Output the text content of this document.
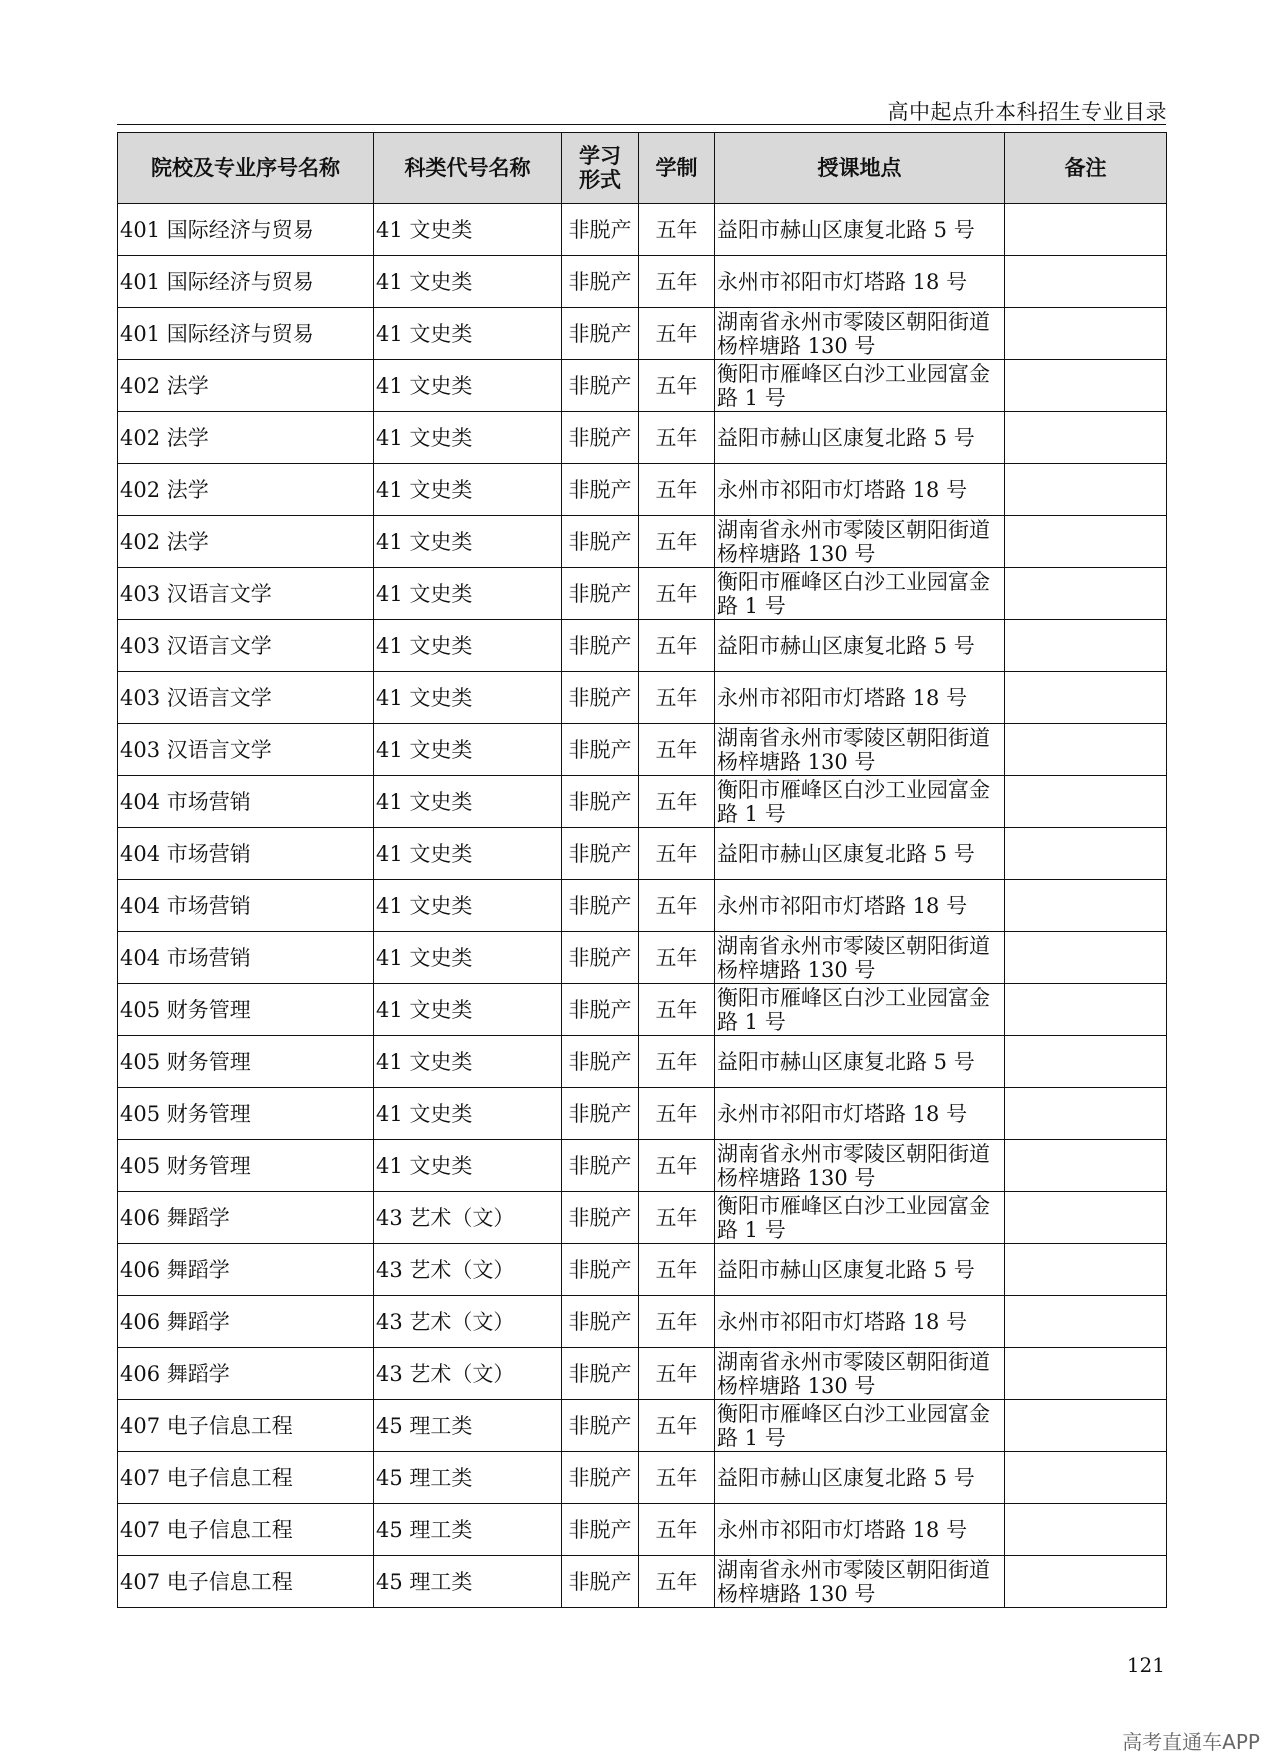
高中起点升本科招生专业目录
院校及专业序号名称	科类代号名称	学习
形式	学制	授课地点	备注
401 国际经济与贸易	41 文史类	非脱产	五年	益阳市赫山区康复北路 5 号	
401 国际经济与贸易	41 文史类	非脱产	五年	永州市祁阳市灯塔路 18 号	
401 国际经济与贸易	41 文史类	非脱产	五年	湖南省永州市零陵区朝阳街道杨梓塘路 130 号	
402 法学	41 文史类	非脱产	五年	衡阳市雁峰区白沙工业园富金路 1 号	
402 法学	41 文史类	非脱产	五年	益阳市赫山区康复北路 5 号	
402 法学	41 文史类	非脱产	五年	永州市祁阳市灯塔路 18 号	
402 法学	41 文史类	非脱产	五年	湖南省永州市零陵区朝阳街道杨梓塘路 130 号	
403 汉语言文学	41 文史类	非脱产	五年	衡阳市雁峰区白沙工业园富金路 1 号	
403 汉语言文学	41 文史类	非脱产	五年	益阳市赫山区康复北路 5 号	
403 汉语言文学	41 文史类	非脱产	五年	永州市祁阳市灯塔路 18 号	
403 汉语言文学	41 文史类	非脱产	五年	湖南省永州市零陵区朝阳街道杨梓塘路 130 号	
404 市场营销	41 文史类	非脱产	五年	衡阳市雁峰区白沙工业园富金路 1 号	
404 市场营销	41 文史类	非脱产	五年	益阳市赫山区康复北路 5 号	
404 市场营销	41 文史类	非脱产	五年	永州市祁阳市灯塔路 18 号	
404 市场营销	41 文史类	非脱产	五年	湖南省永州市零陵区朝阳街道杨梓塘路 130 号	
405 财务管理	41 文史类	非脱产	五年	衡阳市雁峰区白沙工业园富金路 1 号	
405 财务管理	41 文史类	非脱产	五年	益阳市赫山区康复北路 5 号	
405 财务管理	41 文史类	非脱产	五年	永州市祁阳市灯塔路 18 号	
405 财务管理	41 文史类	非脱产	五年	湖南省永州市零陵区朝阳街道杨梓塘路 130 号	
406 舞蹈学	43 艺术（文）	非脱产	五年	衡阳市雁峰区白沙工业园富金路 1 号	
406 舞蹈学	43 艺术（文）	非脱产	五年	益阳市赫山区康复北路 5 号	
406 舞蹈学	43 艺术（文）	非脱产	五年	永州市祁阳市灯塔路 18 号	
406 舞蹈学	43 艺术（文）	非脱产	五年	湖南省永州市零陵区朝阳街道杨梓塘路 130 号	
407 电子信息工程	45 理工类	非脱产	五年	衡阳市雁峰区白沙工业园富金路 1 号	
407 电子信息工程	45 理工类	非脱产	五年	益阳市赫山区康复北路 5 号	
407 电子信息工程	45 理工类	非脱产	五年	永州市祁阳市灯塔路 18 号	
407 电子信息工程	45 理工类	非脱产	五年	湖南省永州市零陵区朝阳街道杨梓塘路 130 号	
121
高考直通车APP
